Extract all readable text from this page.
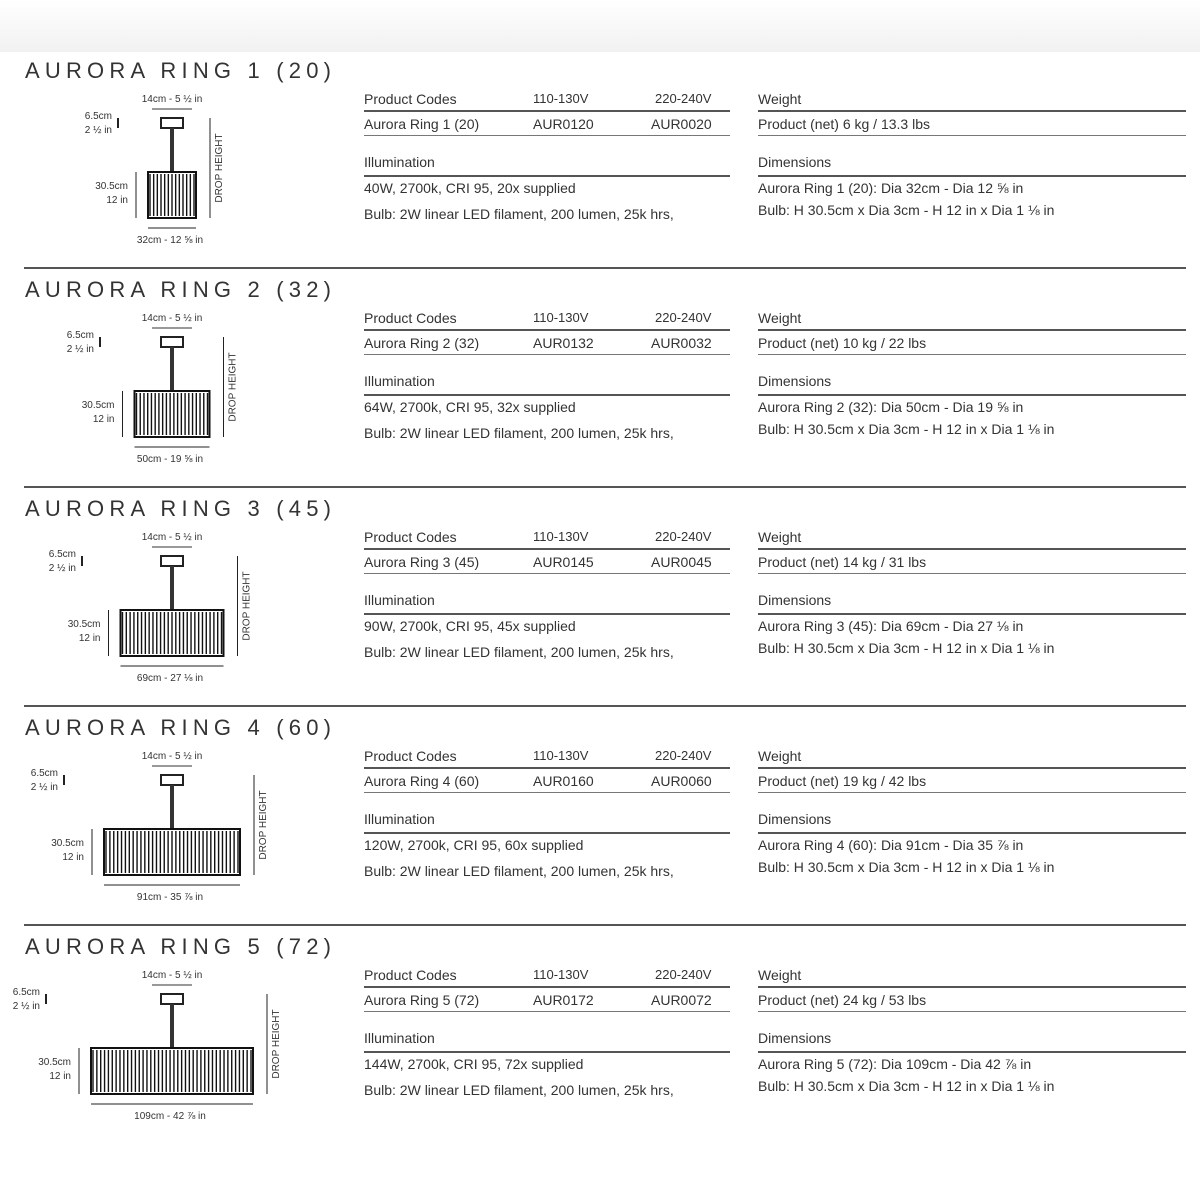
AURORA RING 1 (20)
14cm - 5 ½ in
6.5cm
2 ½ in
30.5cm
12 in
32cm - 12 ⅝ in
DROP HEIGHT
Product Codes	110-130V	220-240V
Aurora Ring 1 (20)	AUR0120	AUR0020
Illumination
40W, 2700k, CRI 95, 20x supplied
Bulb: 2W linear LED filament, 200 lumen, 25k hrs,
Weight
Product (net) 6 kg / 13.3 lbs
Dimensions
Aurora Ring 1 (20): Dia 32cm - Dia 12 ⅝ in
Bulb: H 30.5cm x Dia 3cm - H 12 in x Dia 1 ⅛ in
AURORA RING 2 (32)
14cm - 5 ½ in
6.5cm
2 ½ in
30.5cm
12 in
50cm - 19 ⅝ in
DROP HEIGHT
Product Codes	110-130V	220-240V
Aurora Ring 2 (32)	AUR0132	AUR0032
Illumination
64W, 2700k, CRI 95, 32x supplied
Bulb: 2W linear LED filament, 200 lumen, 25k hrs,
Weight
Product (net) 10 kg / 22 lbs
Dimensions
Aurora Ring 2 (32): Dia 50cm - Dia 19 ⅝ in
Bulb: H 30.5cm x Dia 3cm - H 12 in x Dia 1 ⅛ in
AURORA RING 3 (45)
14cm - 5 ½ in
6.5cm
2 ½ in
30.5cm
12 in
69cm - 27 ⅛ in
DROP HEIGHT
Product Codes	110-130V	220-240V
Aurora Ring 3 (45)	AUR0145	AUR0045
Illumination
90W, 2700k, CRI 95, 45x supplied
Bulb: 2W linear LED filament, 200 lumen, 25k hrs,
Weight
Product (net) 14 kg / 31 lbs
Dimensions
Aurora Ring 3 (45): Dia 69cm - Dia 27 ⅛ in
Bulb: H 30.5cm x Dia 3cm - H 12 in x Dia 1 ⅛ in
AURORA RING 4 (60)
14cm - 5 ½ in
6.5cm
2 ½ in
30.5cm
12 in
91cm - 35 ⅞ in
DROP HEIGHT
Product Codes	110-130V	220-240V
Aurora Ring 4 (60)	AUR0160	AUR0060
Illumination
120W, 2700k, CRI 95, 60x supplied
Bulb: 2W linear LED filament, 200 lumen, 25k hrs,
Weight
Product (net) 19 kg / 42 lbs
Dimensions
Aurora Ring 4 (60): Dia 91cm - Dia 35 ⅞ in
Bulb: H 30.5cm x Dia 3cm - H 12 in x Dia 1 ⅛ in
AURORA RING 5 (72)
14cm - 5 ½ in
6.5cm
2 ½ in
30.5cm
12 in
109cm - 42 ⅞ in
DROP HEIGHT
Product Codes	110-130V	220-240V
Aurora Ring 5 (72)	AUR0172	AUR0072
Illumination
144W, 2700k, CRI 95, 72x supplied
Bulb: 2W linear LED filament, 200 lumen, 25k hrs,
Weight
Product (net) 24 kg / 53 lbs
Dimensions
Aurora Ring 5 (72): Dia 109cm - Dia 42 ⅞ in
Bulb: H 30.5cm x Dia 3cm - H 12 in x Dia 1 ⅛ in
